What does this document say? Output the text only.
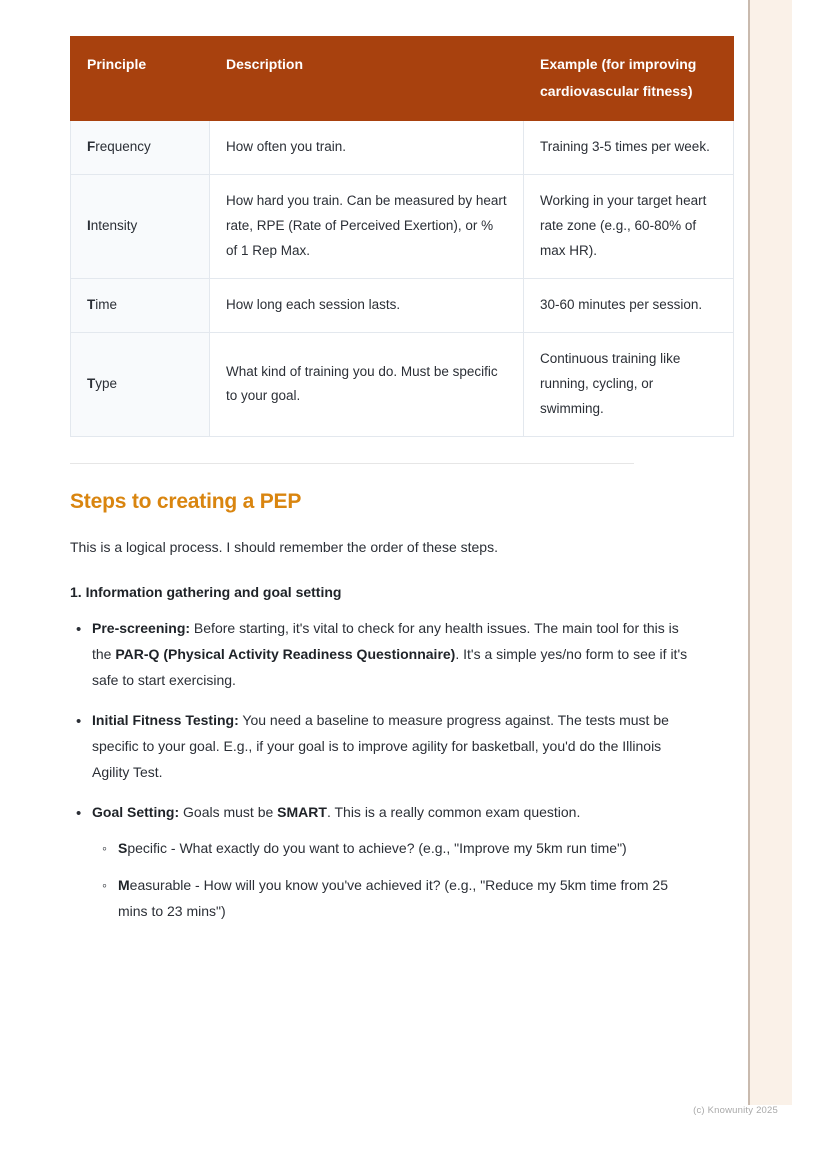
Principle	Description	Example (for improving cardiovascular fitness)
Frequency	How often you train.	Training 3-5 times per week.
Intensity	How hard you train. Can be measured by heart rate, RPE (Rate of Perceived Exertion), or % of 1 Rep Max.	Working in your target heart rate zone (e.g., 60-80% of max HR).
Time	How long each session lasts.	30-60 minutes per session.
Type	What kind of training you do. Must be specific to your goal.	Continuous training like running, cycling, or swimming.
Steps to creating a PEP

This is a logical process. I should remember the order of these steps.

1. Information gathering and goal setting
• Pre-screening: Before starting, it's vital to check for any health issues. The main tool for this is the PAR-Q (Physical Activity Readiness Questionnaire). It's a simple yes/no form to see if it's safe to start exercising.
• Initial Fitness Testing: You need a baseline to measure progress against. The tests must be specific to your goal. E.g., if your goal is to improve agility for basketball, you'd do the Illinois Agility Test.
• Goal Setting: Goals must be SMART. This is a really common exam question.
◦ Specific - What exactly do you want to achieve? (e.g., "Improve my 5km run time")
◦ Measurable - How will you know you've achieved it? (e.g., "Reduce my 5km time from 25 mins to 23 mins")
(c) Knowunity 2025
